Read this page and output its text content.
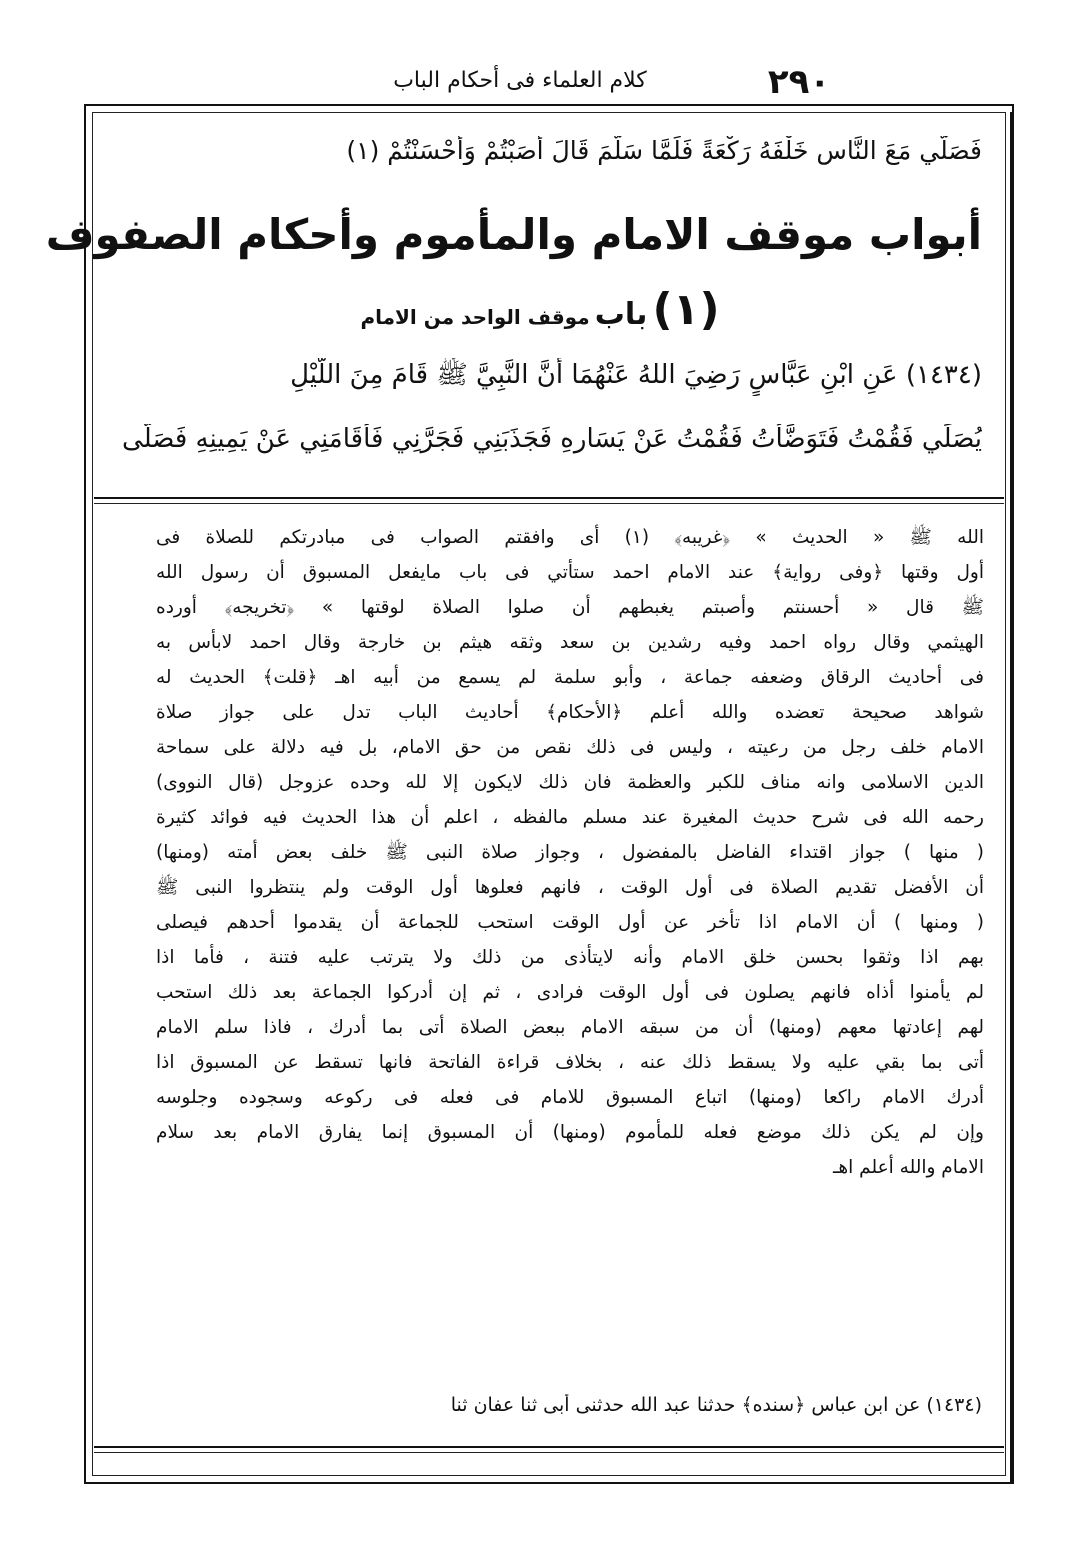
٢٩٠
كلام العلماء فى أحكام الباب
فَصَلَّي مَعَ النَّاسِ خَلْفَهُ رَكْعَةً فَلَمَّا سَلَّمَ قَالَ أَصَبْتُمْ وَأَحْسَنْتُمْ (١)
أبواب موقف الامام والمأموم وأحكام الصفوف
(١) باب موقف الواحد من الامام
(١٤٣٤) عَنِ ابْنِ عَبَّاسٍ رَضِيَ اللهُ عَنْهُمَا أَنَّ النَّبِيَّ ﷺ قَامَ مِنَ اللَّيْلِ
يُصَلِّي فَقُمْتُ فَتَوَضَّأْتُ فَقُمْتُ عَنْ يَسَارِهِ فَجَذَبَنِي فَجَرَّنِي فَأَقَامَنِي عَنْ يَمِينِهِ فَصَلَّى
الله ﷺ « الحديث » ﴿غريبه﴾ (١) أى وافقتم الصواب فى مبادرتكم للصلاة فى
أول وقتها ﴿وفى رواية﴾ عند الامام احمد ستأتي فى باب مايفعل المسبوق أن رسول الله
ﷺ قال « أحسنتم وأصبتم يغبطهم أن صلوا الصلاة لوقتها » ﴿تخريجه﴾ أورده
الهيثمي وقال رواه احمد وفيه رشدين بن سعد وثقه هيثم بن خارجة وقال احمد لابأس به
فى أحاديث الرقاق وضعفه جماعة ، وأبو سلمة لم يسمع من أبيه اهـ ﴿قلت﴾ الحديث له
شواهد صحيحة تعضده والله أعلم ﴿الأحكام﴾ أحاديث الباب تدل على جواز صلاة
الامام خلف رجل من رعيته ، وليس فى ذلك نقص من حق الامام، بل فيه دلالة على سماحة
الدين الاسلامى وانه مناف للكبر والعظمة فان ذلك لايكون إلا لله وحده عزوجل (قال النووى)
رحمه الله فى شرح حديث المغيرة عند مسلم مالفظه ، اعلم أن هذا الحديث فيه فوائد كثيرة
( منها ) جواز اقتداء الفاضل بالمفضول ، وجواز صلاة النبى ﷺ خلف بعض أمته (ومنها)
أن الأفضل تقديم الصلاة فى أول الوقت ، فانهم فعلوها أول الوقت ولم ينتظروا النبى ﷺ
( ومنها ) أن الامام اذا تأخر عن أول الوقت استحب للجماعة أن يقدموا أحدهم فيصلى
بهم اذا وثقوا بحسن خلق الامام وأنه لايتأذى من ذلك ولا يترتب عليه فتنة ، فأما اذا
لم يأمنوا أذاه فانهم يصلون فى أول الوقت فرادى ، ثم إن أدركوا الجماعة بعد ذلك استحب
لهم إعادتها معهم (ومنها) أن من سبقه الامام ببعض الصلاة أتى بما أدرك ، فاذا سلم الامام
أتى بما بقي عليه ولا يسقط ذلك عنه ، بخلاف قراءة الفاتحة فانها تسقط عن المسبوق اذا
أدرك الامام راكعا (ومنها) اتباع المسبوق للامام فى فعله فى ركوعه وسجوده وجلوسه
وإن لم يكن ذلك موضع فعله للمأموم (ومنها) أن المسبوق إنما يفارق الامام بعد سلام
الامام والله أعلم اهـ
(١٤٣٤) عن ابن عباس ﴿سنده﴾ حدثنا عبد الله حدثنى أبى ثنا عفان ثنا
